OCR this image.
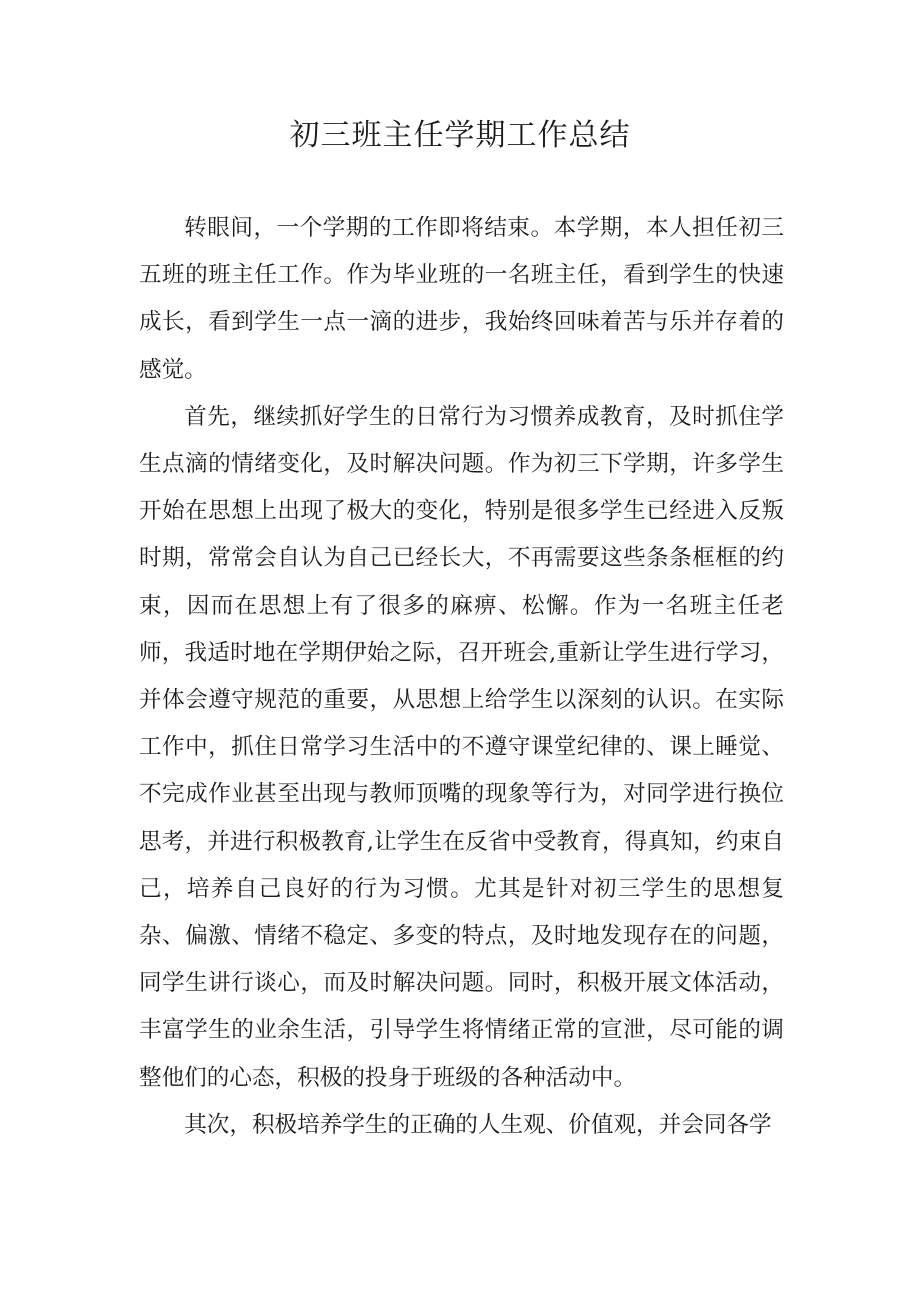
初三班主任学期工作总结

转眼间，一个学期的工作即将结束。本学期，本人担任初三五班的班主任工作。作为毕业班的一名班主任，看到学生的快速成长，看到学生一点一滴的进步，我始终回味着苦与乐并存着的感觉。

首先，继续抓好学生的日常行为习惯养成教育，及时抓住学生点滴的情绪变化，及时解决问题。作为初三下学期，许多学生开始在思想上出现了极大的变化，特别是很多学生已经进入反叛时期，常常会自认为自己已经长大，不再需要这些条条框框的约束，因而在思想上有了很多的麻痹、松懈。作为一名班主任老师，我适时地在学期伊始之际，召开班会,重新让学生进行学习，并体会遵守规范的重要，从思想上给学生以深刻的认识。在实际工作中，抓住日常学习生活中的不遵守课堂纪律的、课上睡觉、不完成作业甚至出现与教师顶嘴的现象等行为，对同学进行换位思考，并进行积极教育,让学生在反省中受教育，得真知，约束自己，培养自己良好的行为习惯。尤其是针对初三学生的思想复杂、偏激、情绪不稳定、多变的特点，及时地发现存在的问题，同学生讲行谈心，而及时解决问题。同时，积极开展文体活动，丰富学生的业余生活，引导学生将情绪正常的宣泄，尽可能的调整他们的心态，积极的投身于班级的各种活动中。

其次，积极培养学生的正确的人生观、价值观，并会同各学
